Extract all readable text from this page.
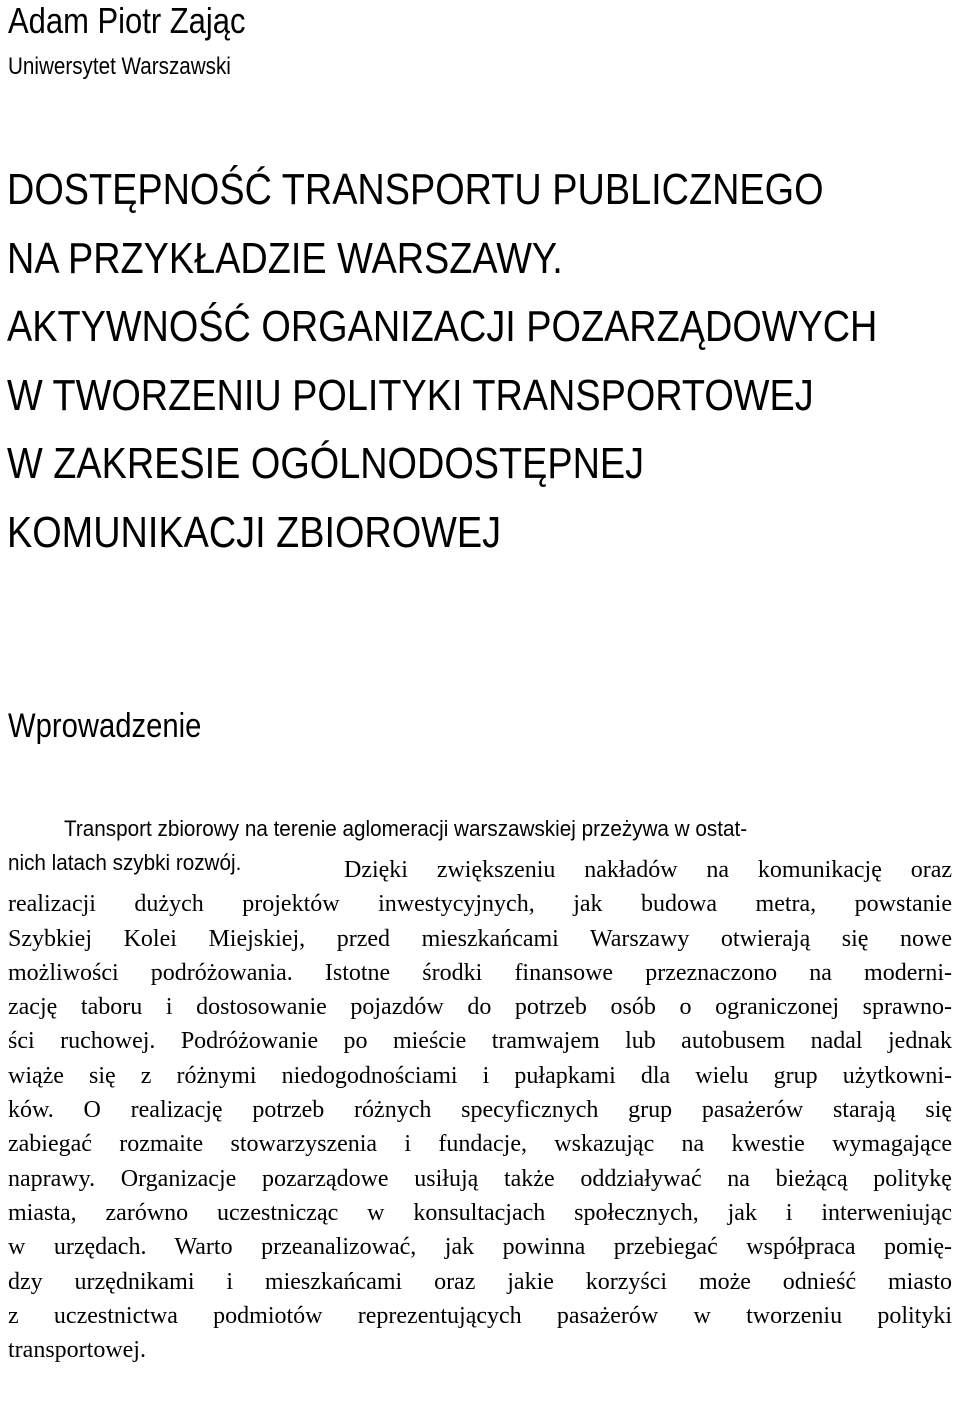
Adam Piotr Zając
Uniwersytet Warszawski
DOSTĘPNOŚĆ TRANSPORTU PUBLICZNEGO
NA PRZYKŁADZIE WARSZAWY.
AKTYWNOŚĆ ORGANIZACJI POZARZĄDOWYCH
W TWORZENIU POLITYKI TRANSPORTOWEJ
W ZAKRESIE OGÓLNODOSTĘPNEJ
KOMUNIKACJI ZBIOROWEJ
Wprowadzenie
Transport zbiorowy na terenie aglomeracji warszawskiej przeżywa w ostat-
nich latach szybki rozwój.	Dzięki zwiększeniu nakładów na komunikację oraz
realizacji dużych projektów inwestycyjnych, jak budowa metra, powstanie
Szybkiej Kolei Miejskiej, przed mieszkańcami Warszawy otwierają się nowe
możliwości podróżowania. Istotne środki finansowe przeznaczono na moderni-
zację taboru i dostosowanie pojazdów do potrzeb osób o ograniczonej sprawno-
ści ruchowej. Podróżowanie po mieście tramwajem lub autobusem nadal jednak
wiąże się z różnymi niedogodnościami i pułapkami dla wielu grup użytkowni-
ków. O realizację potrzeb różnych specyficznych grup pasażerów starają się
zabiegać rozmaite stowarzyszenia i fundacje, wskazując na kwestie wymagające
naprawy. Organizacje pozarządowe usiłują także oddziaływać na bieżącą politykę
miasta, zarówno uczestnicząc w konsultacjach społecznych, jak i interweniując
w urzędach. Warto przeanalizować, jak powinna przebiegać współpraca pomię-
dzy urzędnikami i mieszkańcami oraz jakie korzyści może odnieść miasto
z uczestnictwa podmiotów reprezentujących pasażerów w tworzeniu polityki
transportowej.
